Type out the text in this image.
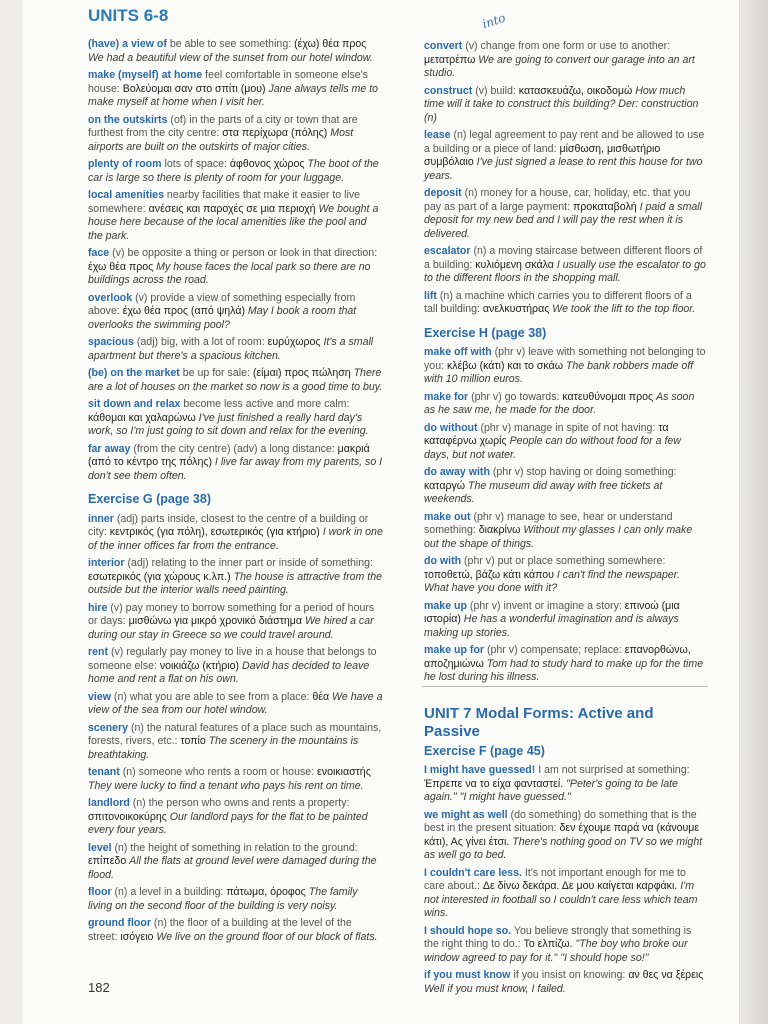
UNITS 6-8	into
(have) a view of be able to see something: (έχω) θέα προς We had a beautiful view of the sunset from our hotel window.
make (myself) at home feel comfortable in someone else's house: Βολεύομαι σαν στο σπίτι (μου) Jane always tells me to make myself at home when I visit her.
on the outskirts (of) in the parts of a city or town that are furthest from the city centre: στα περίχωρα (πόλης) Most airports are built on the outskirts of major cities.
plenty of room lots of space: άφθονος χώρος The boot of the car is large so there is plenty of room for your luggage.
local amenities nearby facilities that make it easier to live somewhere: ανέσεις και παροχές σε μια περιοχή We bought a house here because of the local amenities like the pool and the park.
face (v) be opposite a thing or person or look in that direction: έχω θέα προς My house faces the local park so there are no buildings across the road.
overlook (v) provide a view of something especially from above: έχω θέα προς (από ψηλά) May I book a room that overlooks the swimming pool?
spacious (adj) big, with a lot of room: ευρύχωρος It's a small apartment but there's a spacious kitchen.
(be) on the market be up for sale: (είμαι) προς πώληση There are a lot of houses on the market so now is a good time to buy.
sit down and relax become less active and more calm: κάθομαι και χαλαρώνω I've just finished a really hard day's work, so I'm just going to sit down and relax for the evening.
far away (from the city centre) (adv) a long distance: μακριά (από το κέντρο της πόλης) I live far away from my parents, so I don't see them often.
Exercise G (page 38)
inner (adj) parts inside, closest to the centre of a building or city: κεντρικός (για πόλη), εσωτερικός (για κτήριο) I work in one of the inner offices far from the entrance.
interior (adj) relating to the inner part or inside of something: εσωτερικός (για χώρους κ.λπ.) The house is attractive from the outside but the interior walls need painting.
hire (v) pay money to borrow something for a period of hours or days: μισθώνω για μικρό χρονικό διάστημα We hired a car during our stay in Greece so we could travel around.
rent (v) regularly pay money to live in a house that belongs to someone else: νοικιάζω (κτήριο) David has decided to leave home and rent a flat on his own.
view (n) what you are able to see from a place: θέα We have a view of the sea from our hotel window.
scenery (n) the natural features of a place such as mountains, forests, rivers, etc.: τοπίο The scenery in the mountains is breathtaking.
tenant (n) someone who rents a room or house: ενοικιαστής They were lucky to find a tenant who pays his rent on time.
landlord (n) the person who owns and rents a property: σπιτονοικοκύρης Our landlord pays for the flat to be painted every four years.
level (n) the height of something in relation to the ground: επίπεδο All the flats at ground level were damaged during the flood.
floor (n) a level in a building: πάτωμα, όροφος The family living on the second floor of the building is very noisy.
ground floor (n) the floor of a building at the level of the street: ισόγειο We live on the ground floor of our block of flats.
convert (v) change from one form or use to another: μετατρέπω We are going to convert our garage into an art studio.
construct (v) build: κατασκευάζω, οικοδομώ How much time will it take to construct this building? Der: construction (n)
lease (n) legal agreement to pay rent and be allowed to use a building or a piece of land: μίσθωση, μισθωτήριο συμβόλαιο I've just signed a lease to rent this house for two years.
deposit (n) money for a house, car, holiday, etc. that you pay as part of a large payment: προκαταβολή I paid a small deposit for my new bed and I will pay the rest when it is delivered.
escalator (n) a moving staircase between different floors of a building: κυλιόμενη σκάλα I usually use the escalator to go to the different floors in the shopping mall.
lift (n) a machine which carries you to different floors of a tall building: ανελκυστήρας We took the lift to the top floor.
Exercise H (page 38)
make off with (phr v) leave with something not belonging to you: κλέβω (κάτι) και το σκάω The bank robbers made off with 10 million euros.
make for (phr v) go towards: κατευθύνομαι προς As soon as he saw me, he made for the door.
do without (phr v) manage in spite of not having: τα καταφέρνω χωρίς People can do without food for a few days, but not water.
do away with (phr v) stop having or doing something: καταργώ The museum did away with free tickets at weekends.
make out (phr v) manage to see, hear or understand something: διακρίνω Without my glasses I can only make out the shape of things.
do with (phr v) put or place something somewhere: τοποθετώ, βάζω κάτι κάπου I can't find the newspaper. What have you done with it?
make up (phr v) invent or imagine a story: επινοώ (μια ιστορία) He has a wonderful imagination and is always making up stories.
make up for (phr v) compensate; replace: επανορθώνω, αποζημιώνω Tom had to study hard to make up for the time he lost during his illness.
UNIT 7 Modal Forms: Active and Passive
Exercise F (page 45)
I might have guessed! I am not surprised at something: Έπρεπε να το είχα φανταστεί. "Peter's going to be late again." "I might have guessed."
we might as well (do something) do something that is the best in the present situation: δεν έχουμε παρά να (κάνουμε κάτι), Ας γίνει έτσι. There's nothing good on TV so we might as well go to bed.
I couldn't care less. It's not important enough for me to care about.: Δε δίνω δεκάρα. Δε μου καίγεται καρφάκι. I'm not interested in football so I couldn't care less which team wins.
I should hope so. You believe strongly that something is the right thing to do.: Το ελπίζω. "The boy who broke our window agreed to pay for it." "I should hope so!"
if you must know if you insist on knowing: αν θες να ξέρεις Well if you must know, I failed.
182
